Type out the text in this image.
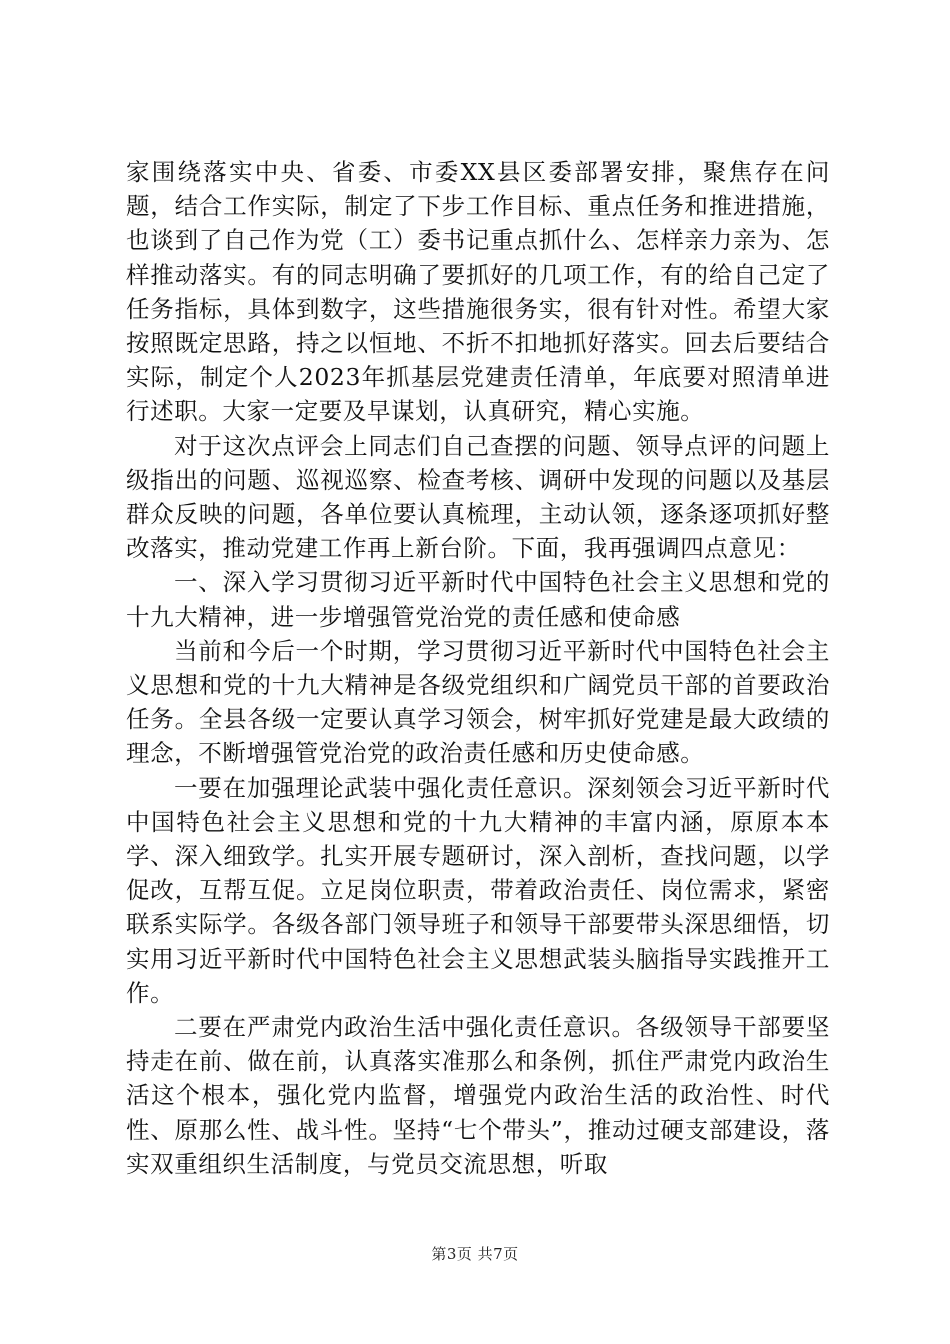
家围绕落实中央、省委、市委XX县区委部署安排，聚焦存在问题，结合工作实际，制定了下步工作目标、重点任务和推进措施，也谈到了自己作为党（工）委书记重点抓什么、怎样亲力亲为、怎样推动落实。有的同志明确了要抓好的几项工作，有的给自己定了任务指标，具体到数字，这些措施很务实，很有针对性。希望大家按照既定思路，持之以恒地、不折不扣地抓好落实。回去后要结合实际，制定个人2023年抓基层党建责任清单，年底要对照清单进行述职。大家一定要及早谋划，认真研究，精心实施。

对于这次点评会上同志们自己查摆的问题、领导点评的问题上级指出的问题、巡视巡察、检查考核、调研中发现的问题以及基层群众反映的问题，各单位要认真梳理，主动认领，逐条逐项抓好整改落实，推动党建工作再上新台阶。下面，我再强调四点意见：

一、深入学习贯彻习近平新时代中国特色社会主义思想和党的十九大精神，进一步增强管党治党的责任感和使命感

当前和今后一个时期，学习贯彻习近平新时代中国特色社会主义思想和党的十九大精神是各级党组织和广阔党员干部的首要政治任务。全县各级一定要认真学习领会，树牢抓好党建是最大政绩的理念，不断增强管党治党的政治责任感和历史使命感。

一要在加强理论武装中强化责任意识。深刻领会习近平新时代中国特色社会主义思想和党的十九大精神的丰富内涵，原原本本学、深入细致学。扎实开展专题研讨，深入剖析，查找问题，以学促改，互帮互促。立足岗位职责，带着政治责任、岗位需求，紧密联系实际学。各级各部门领导班子和领导干部要带头深思细悟，切实用习近平新时代中国特色社会主义思想武装头脑指导实践推开工作。

二要在严肃党内政治生活中强化责任意识。各级领导干部要坚持走在前、做在前，认真落实准那么和条例，抓住严肃党内政治生活这个根本，强化党内监督，增强党内政治生活的政治性、时代性、原那么性、战斗性。坚持“七个带头”，推动过硬支部建设，落实双重组织生活制度，与党员交流思想，听取

第3页 共7页
